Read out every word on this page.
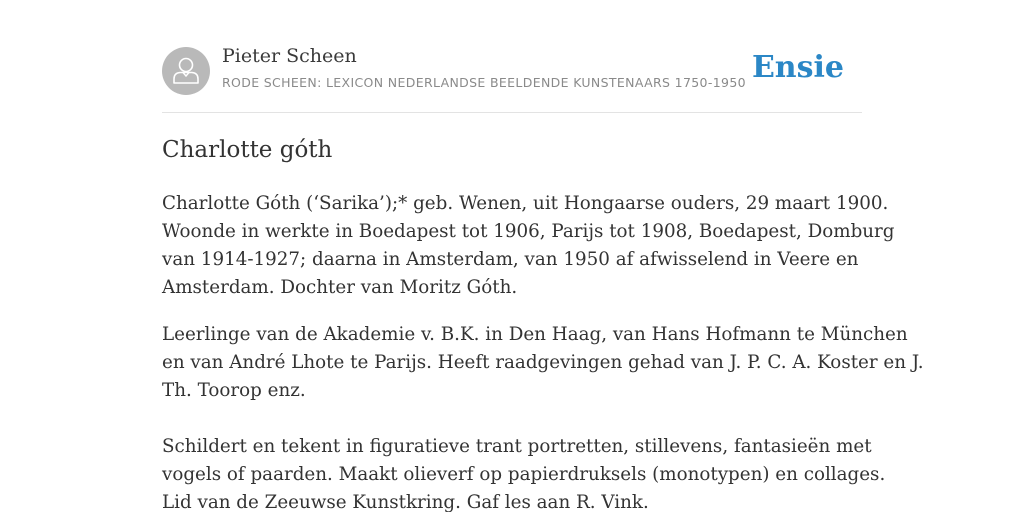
Pieter Scheen
RODE SCHEEN: LEXICON NEDERLANDSE BEELDENDE KUNSTENAARS 1750-1950 Ensie
Charlotte góth

Charlotte Góth (‘Sarika’);* geb. Wenen, uit Hongaarse ouders, 29 maart 1900.
Woonde in werkte in Boedapest tot 1906, Parijs tot 1908, Boedapest, Domburg
van 1914-1927; daarna in Amsterdam, van 1950 af afwisselend in Veere en
Amsterdam. Dochter van Moritz Góth.

Leerlinge van de Akademie v. B.K. in Den Haag, van Hans Hofmann te München
en van André Lhote te Parijs. Heeft raadgevingen gehad van J. P. C. A. Koster en J.
Th. Toorop enz.

Schildert en tekent in figuratieve trant portretten, stillevens, fantasieën met
vogels of paarden. Maakt olieverf op papierdruksels (monotypen) en collages.
Lid van de Zeeuwse Kunstkring. Gaf les aan R. Vink.
